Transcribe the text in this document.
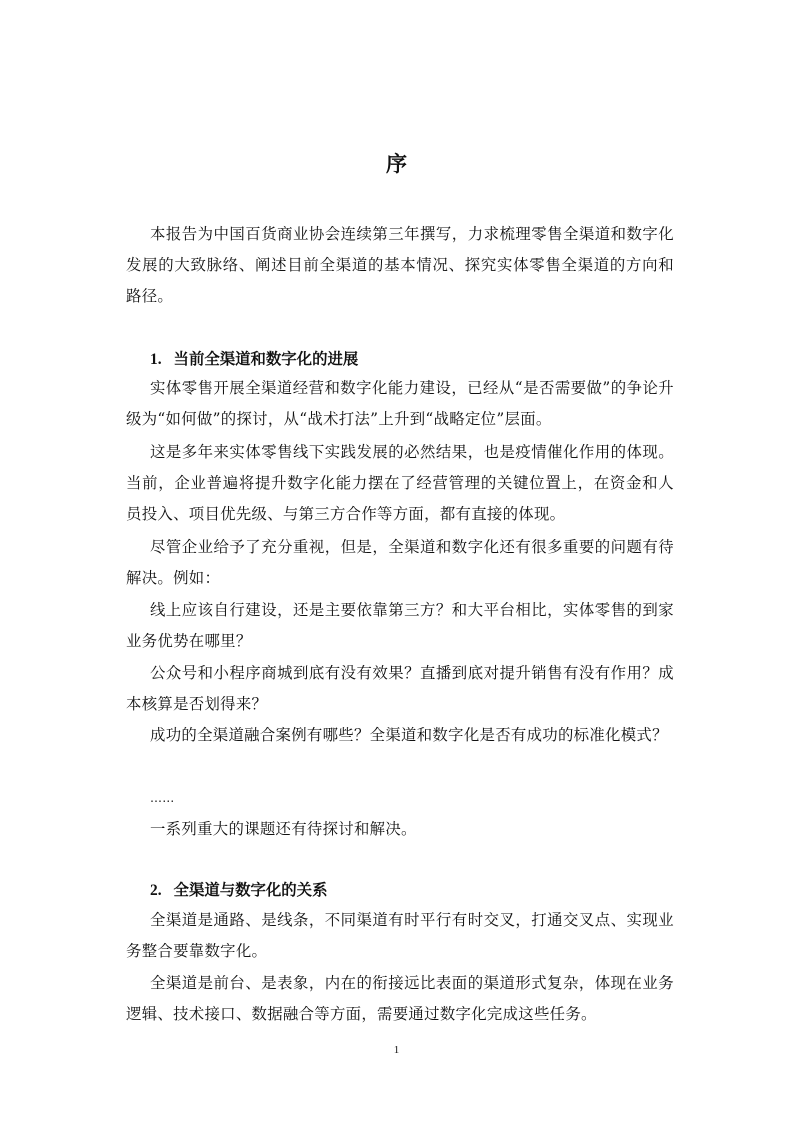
序

本报告为中国百货商业协会连续第三年撰写，力求梳理零售全渠道和数字化发展的大致脉络、阐述目前全渠道的基本情况、探究实体零售全渠道的方向和路径。

1. 当前全渠道和数字化的进展

实体零售开展全渠道经营和数字化能力建设，已经从“是否需要做”的争论升级为“如何做”的探讨，从“战术打法”上升到“战略定位”层面。

这是多年来实体零售线下实践发展的必然结果，也是疫情催化作用的体现。当前，企业普遍将提升数字化能力摆在了经营管理的关键位置上，在资金和人员投入、项目优先级、与第三方合作等方面，都有直接的体现。

尽管企业给予了充分重视，但是，全渠道和数字化还有很多重要的问题有待解决。例如：

线上应该自行建设，还是主要依靠第三方？和大平台相比，实体零售的到家业务优势在哪里？

公众号和小程序商城到底有没有效果？直播到底对提升销售有没有作用？成本核算是否划得来？

成功的全渠道融合案例有哪些？全渠道和数字化是否有成功的标准化模式？

……

一系列重大的课题还有待探讨和解决。

2. 全渠道与数字化的关系

全渠道是通路、是线条，不同渠道有时平行有时交叉，打通交叉点、实现业务整合要靠数字化。

全渠道是前台、是表象，内在的衔接远比表面的渠道形式复杂，体现在业务逻辑、技术接口、数据融合等方面，需要通过数字化完成这些任务。

1
